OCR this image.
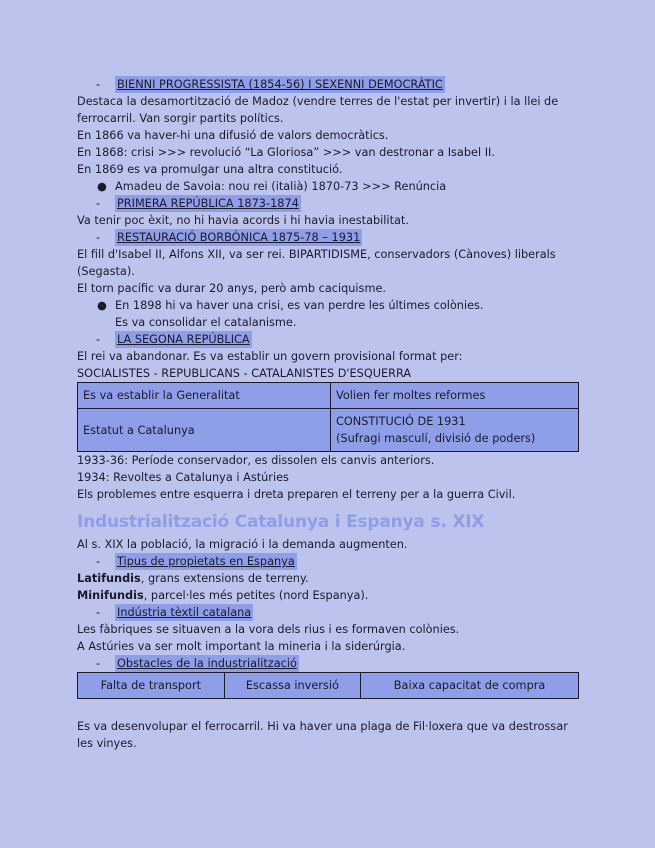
-	BIENNI PROGRESSISTA (1854-56) I SEXENNI DEMOCRÀTIC

Destaca la desamortització de Madoz (vendre terres de l'estat per invertir) i la llei de

ferrocarril. Van sorgir partits polítics.

En 1866 va haver-hi una difusió de valors democràtics.

En 1868: crisi >>> revolució “La Gloriosa” >>> van destronar a Isabel II.

En 1869 es va promulgar una altra constitució.

● Amadeu de Savoia: nou rei (italià) 1870-73 >>> Renúncia
-	PRIMERA REPÚBLICA 1873-1874

Va tenir poc èxit, no hi havia acords i hi havia inestabilitat.

-	RESTAURACIÓ BORBÒNICA 1875-78 – 1931

El fill d'Isabel II, Alfons XII, va ser rei. BIPARTIDISME, conservadors (Cànoves) liberals

(Segasta).

El torn pacífic va durar 20 anys, però amb caciquisme.

● En 1898 hi va haver una crisi, es van perdre les últimes colònies.

Es va consolidar el catalanisme.

-	LA SEGONA REPÚBLICA

El rei va abandonar. Es va establir un govern provisional format per:

SOCIALISTES - REPUBLICANS - CATALANISTES D'ESQUERRA

Es va establir la Generalitat	Volien fer moltes reformes
Estatut a Catalunya	CONSTITUCIÓ DE 1931
(Sufragi masculí, divisió de poders)

1933-36: Període conservador, es dissolen els canvis anteriors.

1934: Revoltes a Catalunya i Astúries

Els problemes entre esquerra i dreta preparen el terreny per a la guerra Civil.

Industrialització Catalunya i Espanya s. XIX

Al s. XIX la població, la migració i la demanda augmenten.

-	Tipus de propietats en Espanya

Latifundis, grans extensions de terreny.

Minifundis, parcel·les més petites (nord Espanya).

-	Indústria tèxtil catalana

Les fàbriques se situaven a la vora dels rius i es formaven colònies.

A Astúries va ser molt important la mineria i la siderúrgia.

-	Obstacles de la industrialització
Falta de transport	Escassa inversió	Baixa capacitat de compra

Es va desenvolupar el ferrocarril. Hi va haver una plaga de Fil·loxera que va destrossar

les vinyes.
